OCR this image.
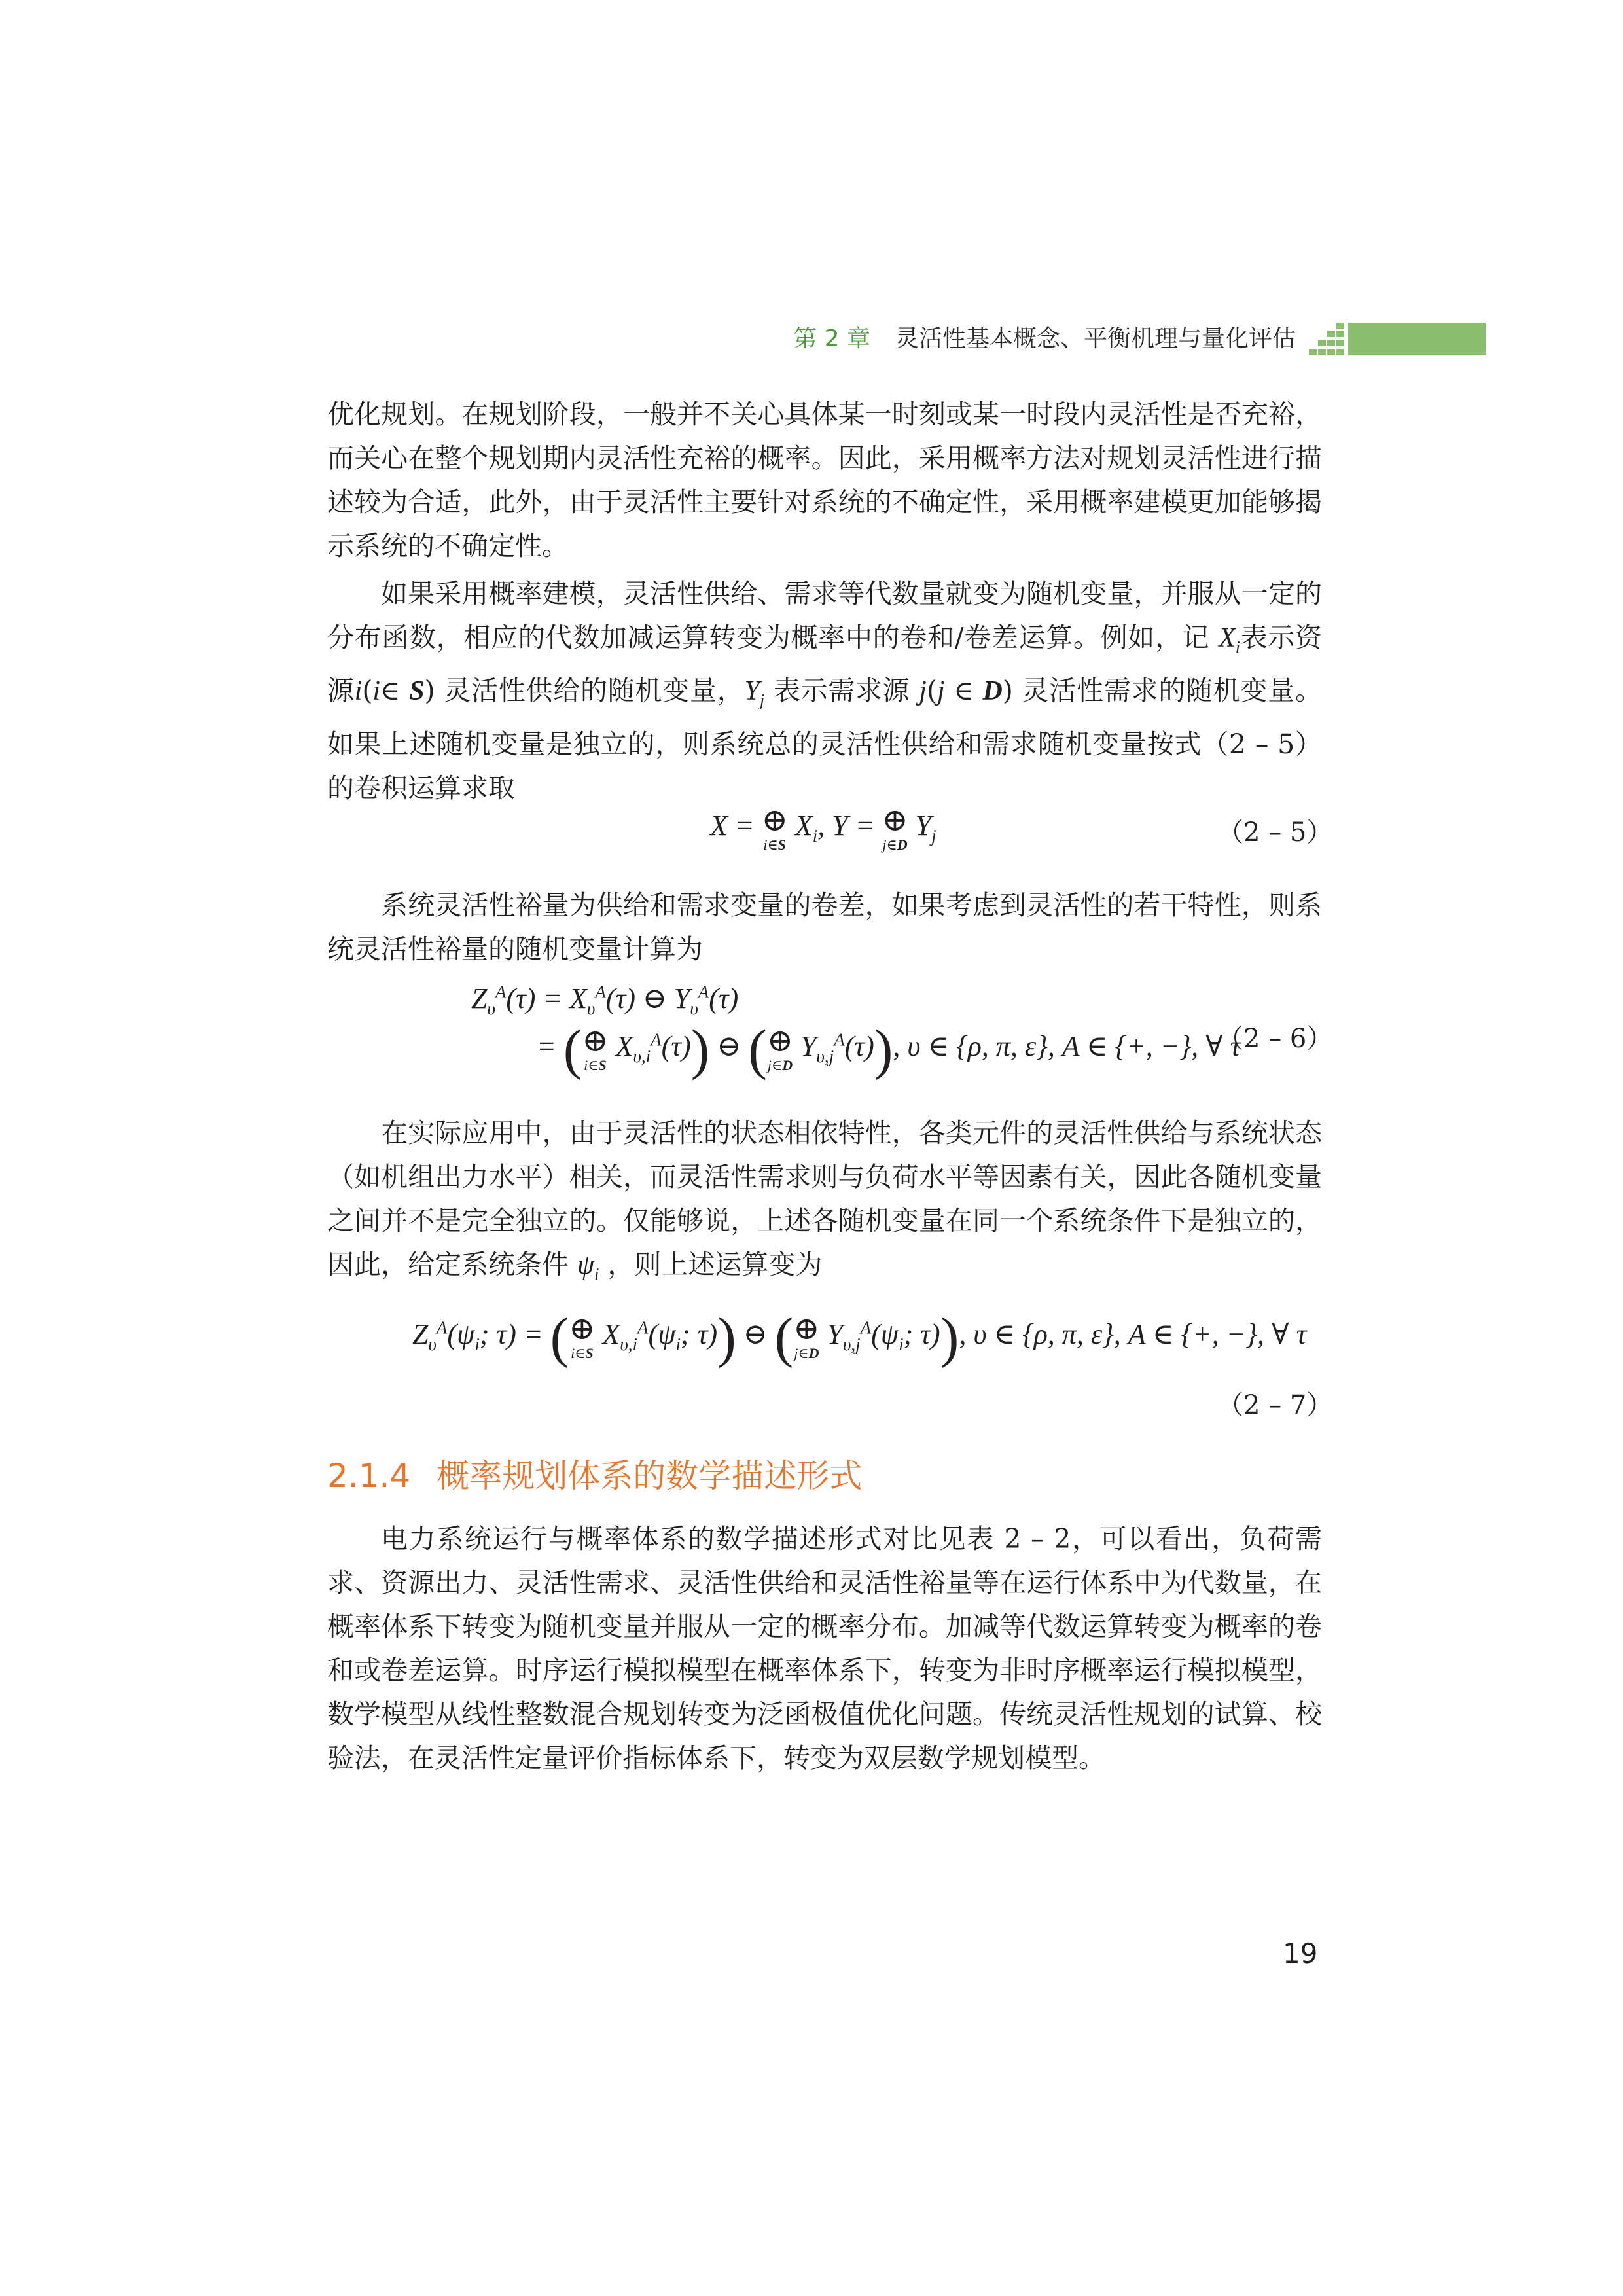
第 2 章 灵活性基本概念、平衡机理与量化评估

优化规划。在规划阶段，一般并不关心具体某一时刻或某一时段内灵活性是否充裕，而关心在整个规划期内灵活性充裕的概率。因此，采用概率方法对规划灵活性进行描述较为合适，此外，由于灵活性主要针对系统的不确定性，采用概率建模更加能够揭示系统的不确定性。

如果采用概率建模，灵活性供给、需求等代数量就变为随机变量，并服从一定的分布函数，相应的代数加减运算转变为概率中的卷和/卷差运算。例如，记 $X_i$表示资源i(i∈ S) 灵活性供给的随机变量，$Y_j$ 表示需求源 j(j ∈ D) 灵活性需求的随机变量。如果上述随机变量是独立的，则系统总的灵活性供给和需求随机变量按式（2 – 5）的卷积运算求取

X = ⊕
i∈S
$X_i$, Y = ⊕
j∈D
$Y_j$	（2 – 5）

系统灵活性裕量为供给和需求变量的卷差，如果考虑到灵活性的若干特性，则系统灵活性裕量的随机变量计算为

$Z_\upsilon^A(\tau) = X_\upsilon^A(\tau)$ ⊖ $Y_\upsilon^A(\tau)$
= ( ⊕
i∈S
$X_{\upsilon,i}^A(\tau)$) ⊖ ( ⊕
j∈D
$Y_{\upsilon,j}^A(\tau)$), υ ∈ {ρ, π, ε}, A ∈ {+, −}, ∀ τ
（2 – 6）

在实际应用中，由于灵活性的状态相依特性，各类元件的灵活性供给与系统状态（如机组出力水平）相关，而灵活性需求则与负荷水平等因素有关，因此各随机变量之间并不是完全独立的。仅能够说，上述各随机变量在同一个系统条件下是独立的，因此，给定系统条件 $\psi_i$ ，则上述运算变为

$Z_\upsilon^A(\psi_i$; τ) = ( ⊕
i∈S
$X_{\upsilon,i}^A(\psi_i$; τ)) ⊖ ( ⊕
j∈D
$Y_{\upsilon,j}^A(\psi_i$; τ)), υ ∈ {ρ, π, ε}, A ∈ {+, −}, ∀ τ
（2 – 7）
2.1.4 概率规划体系的数学描述形式

电力系统运行与概率体系的数学描述形式对比见表 2 – 2，可以看出，负荷需求、资源出力、灵活性需求、灵活性供给和灵活性裕量等在运行体系中为代数量，在概率体系下转变为随机变量并服从一定的概率分布。加减等代数运算转变为概率的卷和或卷差运算。时序运行模拟模型在概率体系下，转变为非时序概率运行模拟模型，数学模型从线性整数混合规划转变为泛函极值优化问题。传统灵活性规划的试算、校验法，在灵活性定量评价指标体系下，转变为双层数学规划模型。

19
